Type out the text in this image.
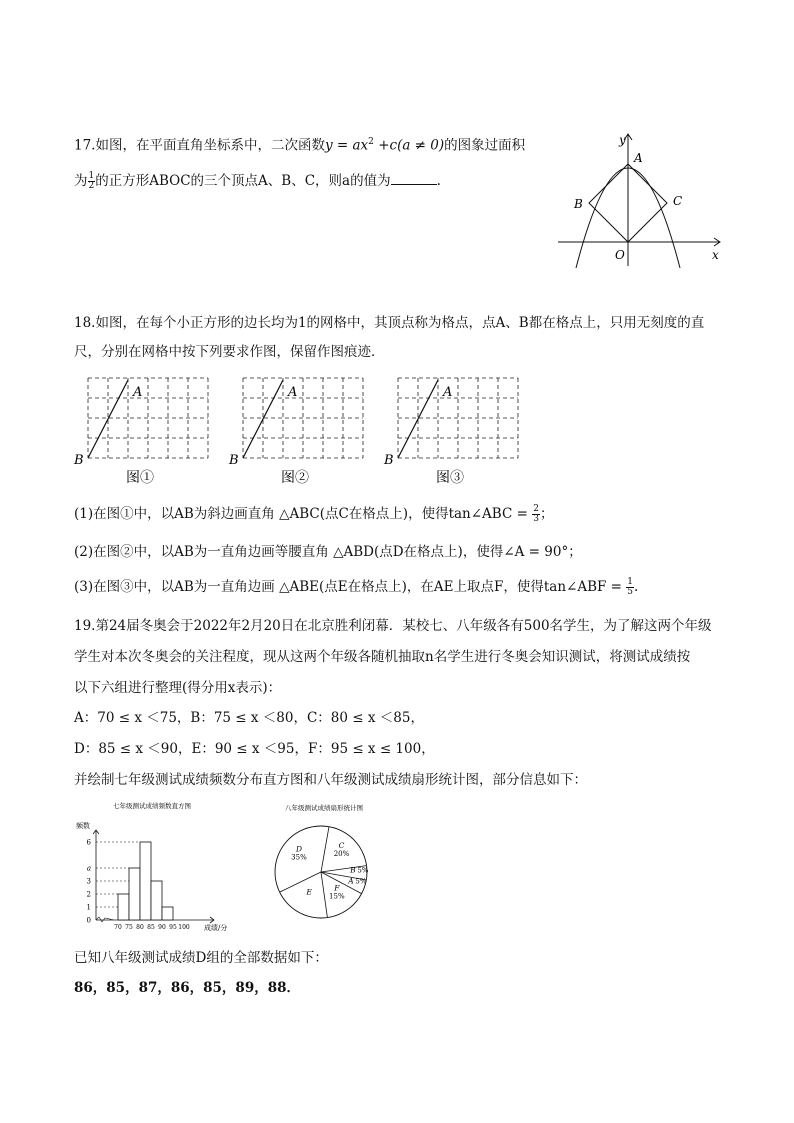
17.如图，在平面直角坐标系中，二次函数$y = ax^2 +c(a \ne 0)$的图象过面积
为 $\frac{1}{2}$ 的正方形ABOC的三个顶点A、B、C，则a的值为	.
y
x
A
B	C
O
18.如图，在每个小正方形的边长均为1的网格中，其顶点称为格点，点A、B都在格点上，只用无刻度的直
尺，分别在网格中按下列要求作图，保留作图痕迹．
A
B
图①
A
B
图②
A
B
图③
(1)在图①中，以AB为斜边画直角 △ABC(点C在格点上)，使得tan∠ABC = $\frac{2}{3}$ ；
(2)在图②中，以AB为一直角边画等腰直角 △ABD(点D在格点上)，使得∠A = 90°；
(3)在图③中，以AB为一直角边画 △ABE(点E在格点上)，在AE上取点F，使得tan∠ABF = $\frac{1}{5}$ .
19.第24届冬奥会于2022年2月20日在北京胜利闭幕．某校七、八年级各有500名学生，为了解这两个年级
学生对本次冬奥会的关注程度，现从这两个年级各随机抽取n名学生进行冬奥会知识测试，将测试成绩按
以下六组进行整理(得分用x表示)：
A：70 ≤ x ＜75，B：75 ≤ x ＜80，C：80 ≤ x ＜85，
D：85 ≤ x ＜90，E：90 ≤ x ＜95，F：95 ≤ x ≤ 100，
并绘制七年级测试成绩频数分布直方图和八年级测试成绩扇形统计图，部分信息如下：
七年级测试成绩频数直方图
频数
成绩/分
0
1
2
3
a
6
70 75 80 85 90 95 100
八年级测试成绩扇形统计图
C
20%
B 5%
A 5%
F
15%
E
D
35%
已知八年级测试成绩D组的全部数据如下：
86，85，87，86，85，89，88．
